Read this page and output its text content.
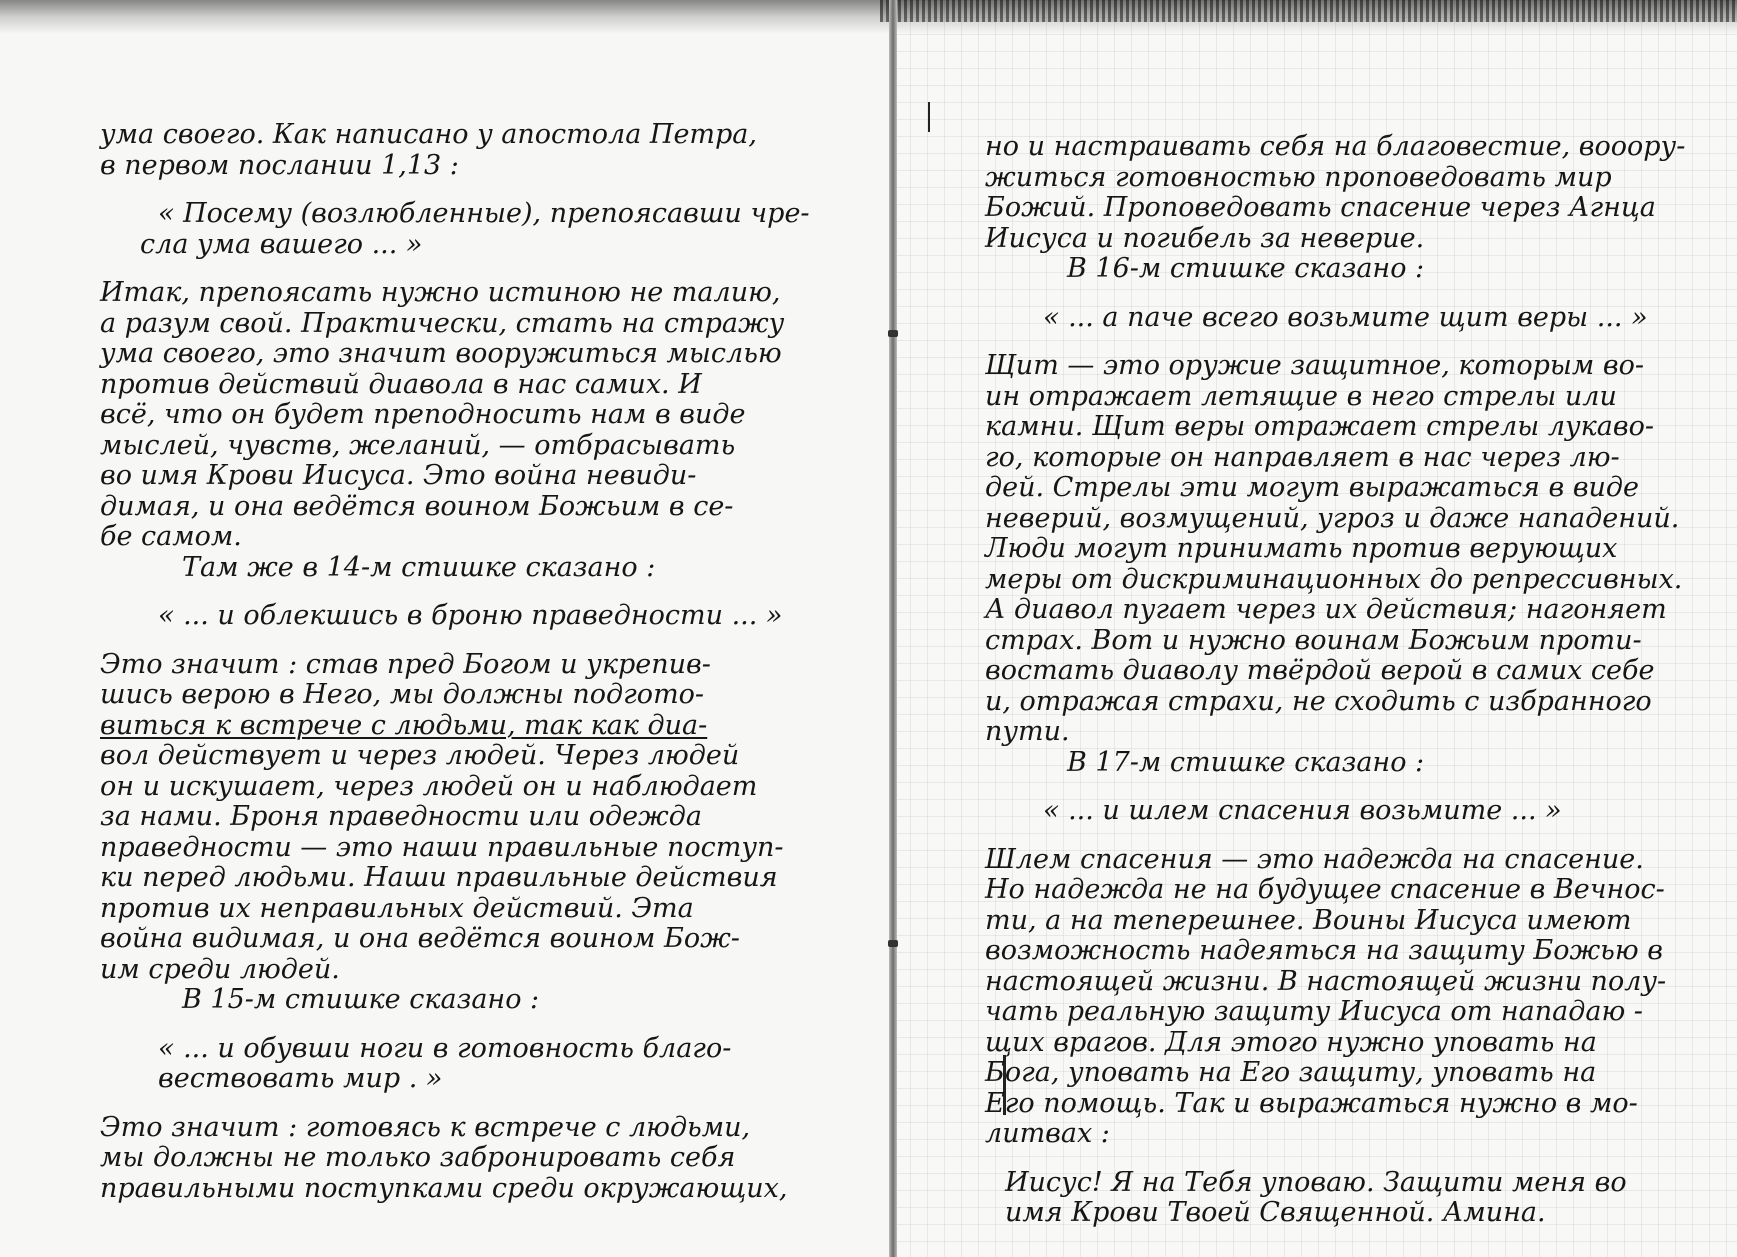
ума своего. Как написано у апостола Петра,
в первом послании 1,13 :
« Посему (возлюбленные), препоясавши чре-
сла ума вашего ... »
Итак, препоясать нужно истиною не талию,
а разум свой. Практически, стать на стражу
ума своего, это значит вооружиться мыслью
против действий диавола в нас самих. И
всё, что он будет преподносить нам в виде
мыслей, чувств, желаний, — отбрасывать
во имя Крови Иисуса. Это война невиди-
димая, и она ведётся воином Божьим в се-
бе самом.
Там же в 14-м стишке сказано :
« ... и облекшись в броню праведности ... »
Это значит : став пред Богом и укрепив-
шись верою в Него, мы должны подгото-
виться к встрече с людьми, так как диа-
вол действует и через людей. Через людей
он и искушает, через людей он и наблюдает
за нами. Броня праведности или одежда
праведности — это наши правильные поступ-
ки перед людьми. Наши правильные действия
против их неправильных действий. Эта
война видимая, и она ведётся воином Бож-
им среди людей.
В 15-м стишке сказано :
« ... и обувши ноги в готовность благо-
вествовать мир . »
Это значит : готовясь к встрече с людьми,
мы должны не только забронировать себя
правильными поступками среди окружающих,
но и настраивать себя на благовестие, вооору-
житься готовностью проповедовать мир
Божий. Проповедовать спасение через Агнца
Иисуса и погибель за неверие.
В 16-м стишке сказано :
« ... а паче всего возьмите щит веры ... »
Щит — это оружие защитное, которым во-
ин отражает летящие в него стрелы или
камни. Щит веры отражает стрелы лукаво-
го, которые он направляет в нас через лю-
дей. Стрелы эти могут выражаться в виде
неверий, возмущений, угроз и даже нападений.
Люди могут принимать против верующих
меры от дискриминационных до репрессивных.
А диавол пугает через их действия; нагоняет
страх. Вот и нужно воинам Божьим проти-
востать диаволу твёрдой верой в самих себе
и, отражая страхи, не сходить с избранного
пути.
В 17-м стишке сказано :
« ... и шлем спасения возьмите ... »
Шлем спасения — это надежда на спасение.
Но надежда не на будущее спасение в Вечнос-
ти, а на теперешнее. Воины Иисуса имеют
возможность надеяться на защиту Божью в
настоящей жизни. В настоящей жизни полу-
чать реальную защиту Иисуса от нападаю -
щих врагов. Для этого нужно уповать на
Бога, уповать на Его защиту, уповать на
Его помощь. Так и выражаться нужно в мо-
литвах :
Иисус! Я на Тебя уповаю. Защити меня во
имя Крови Твоей Священной. Амина.
